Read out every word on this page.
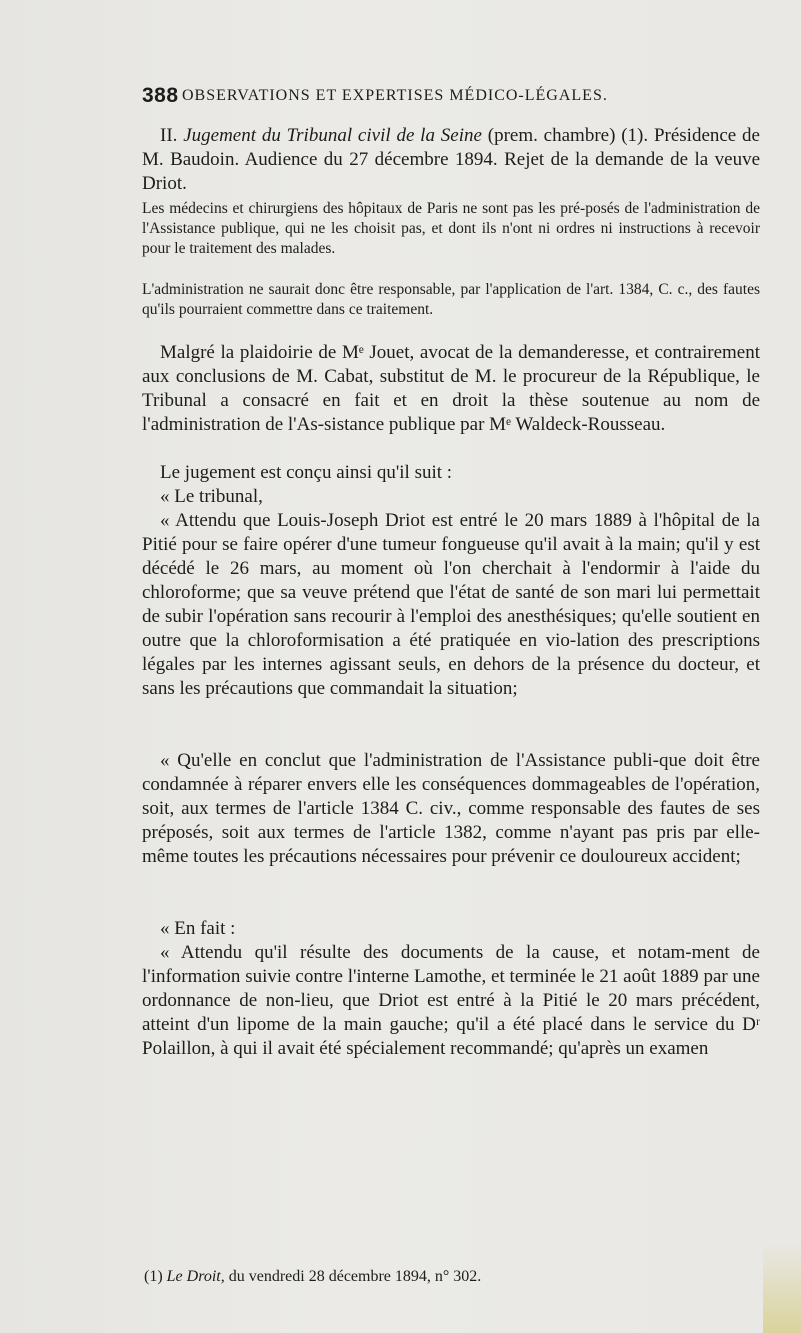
388 OBSERVATIONS ET EXPERTISES MÉDICO-LÉGALES.

II. Jugement du Tribunal civil de la Seine (prem. chambre) (1). Présidence de M. Baudoin. Audience du 27 décembre 1894. Rejet de la demande de la veuve Driot.

Les médecins et chirurgiens des hôpitaux de Paris ne sont pas les pré-posés de l'administration de l'Assistance publique, qui ne les choisit pas, et dont ils n'ont ni ordres ni instructions à recevoir pour le traitement des malades.

L'administration ne saurait donc être responsable, par l'application de l'art. 1384, C. c., des fautes qu'ils pourraient commettre dans ce traitement.

Malgré la plaidoirie de Mᵉ Jouet, avocat de la demanderesse, et contrairement aux conclusions de M. Cabat, substitut de M. le procureur de la République, le Tribunal a consacré en fait et en droit la thèse soutenue au nom de l'administration de l'As-sistance publique par Mᵉ Waldeck-Rousseau.

Le jugement est conçu ainsi qu'il suit :

« Le tribunal,

« Attendu que Louis-Joseph Driot est entré le 20 mars 1889 à l'hôpital de la Pitié pour se faire opérer d'une tumeur fongueuse qu'il avait à la main; qu'il y est décédé le 26 mars, au moment où l'on cherchait à l'endormir à l'aide du chloroforme; que sa veuve prétend que l'état de santé de son mari lui permettait de subir l'opération sans recourir à l'emploi des anesthésiques; qu'elle soutient en outre que la chloroformisation a été pratiquée en vio-lation des prescriptions légales par les internes agissant seuls, en dehors de la présence du docteur, et sans les précautions que commandait la situation;

« Qu'elle en conclut que l'administration de l'Assistance publi-que doit être condamnée à réparer envers elle les conséquences dommageables de l'opération, soit, aux termes de l'article 1384 C. civ., comme responsable des fautes de ses préposés, soit aux termes de l'article 1382, comme n'ayant pas pris par elle-même toutes les précautions nécessaires pour prévenir ce douloureux accident;

« En fait :

« Attendu qu'il résulte des documents de la cause, et notam-ment de l'information suivie contre l'interne Lamothe, et terminée le 21 août 1889 par une ordonnance de non-lieu, que Driot est entré à la Pitié le 20 mars précédent, atteint d'un lipome de la main gauche; qu'il a été placé dans le service du Dʳ Polaillon, à qui il avait été spécialement recommandé; qu'après un examen

(1) Le Droit, du vendredi 28 décembre 1894, n° 302.
